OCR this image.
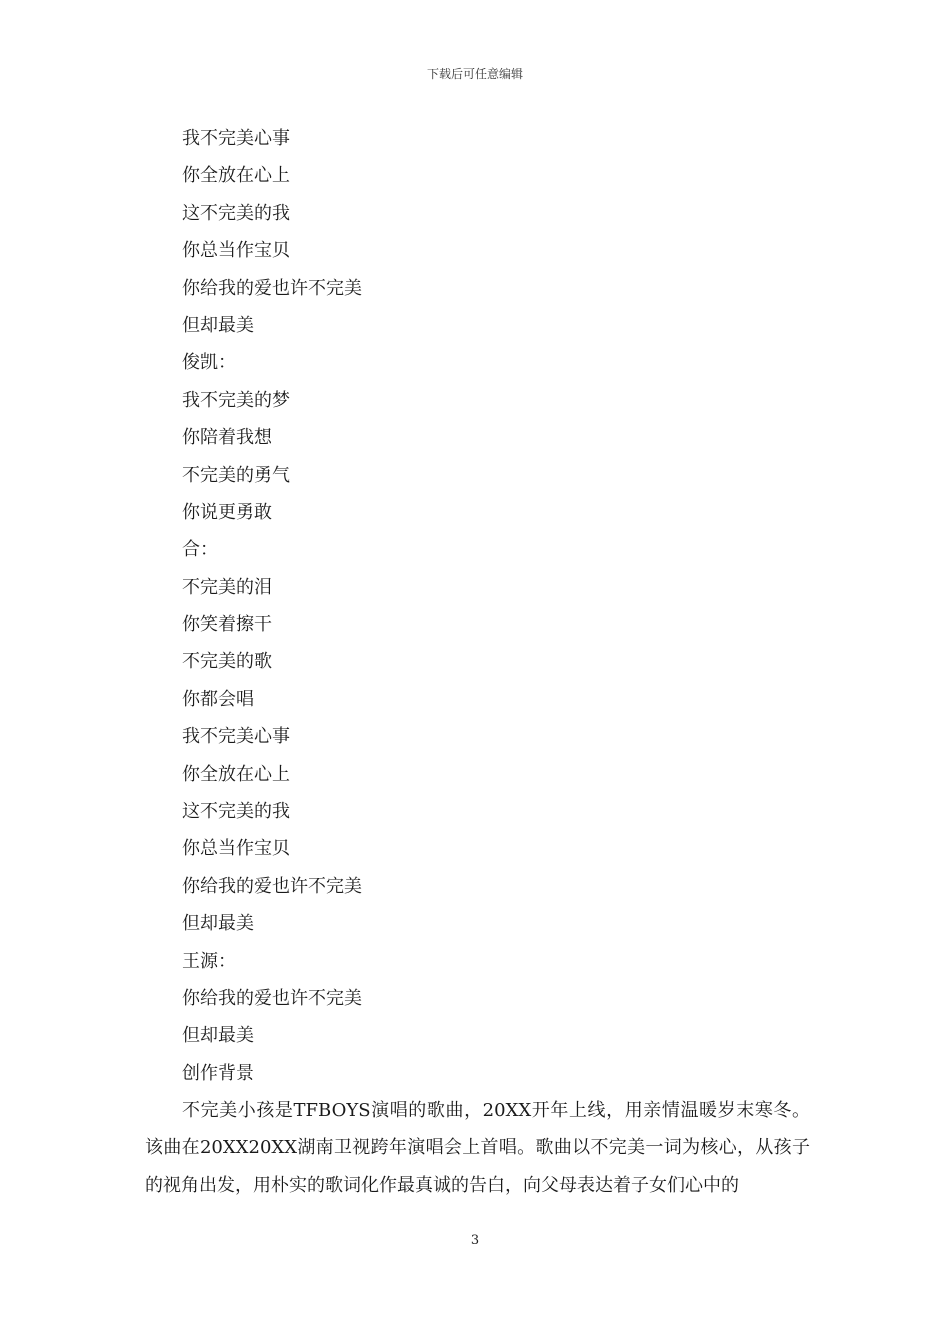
下载后可任意编辑
我不完美心事
你全放在心上
这不完美的我
你总当作宝贝
你给我的爱也许不完美
但却最美
俊凯：
我不完美的梦
你陪着我想
不完美的勇气
你说更勇敢
合：
不完美的泪
你笑着擦干
不完美的歌
你都会唱
我不完美心事
你全放在心上
这不完美的我
你总当作宝贝
你给我的爱也许不完美
但却最美
王源：
你给我的爱也许不完美
但却最美
创作背景

不完美小孩是TFBOYS演唱的歌曲，20XX开年上线，用亲情温暖岁末寒冬。该曲在20XX20XX湖南卫视跨年演唱会上首唱。歌曲以不完美一词为核心，从孩子的视角出发，用朴实的歌词化作最真诚的告白，向父母表达着子女们心中的

3
